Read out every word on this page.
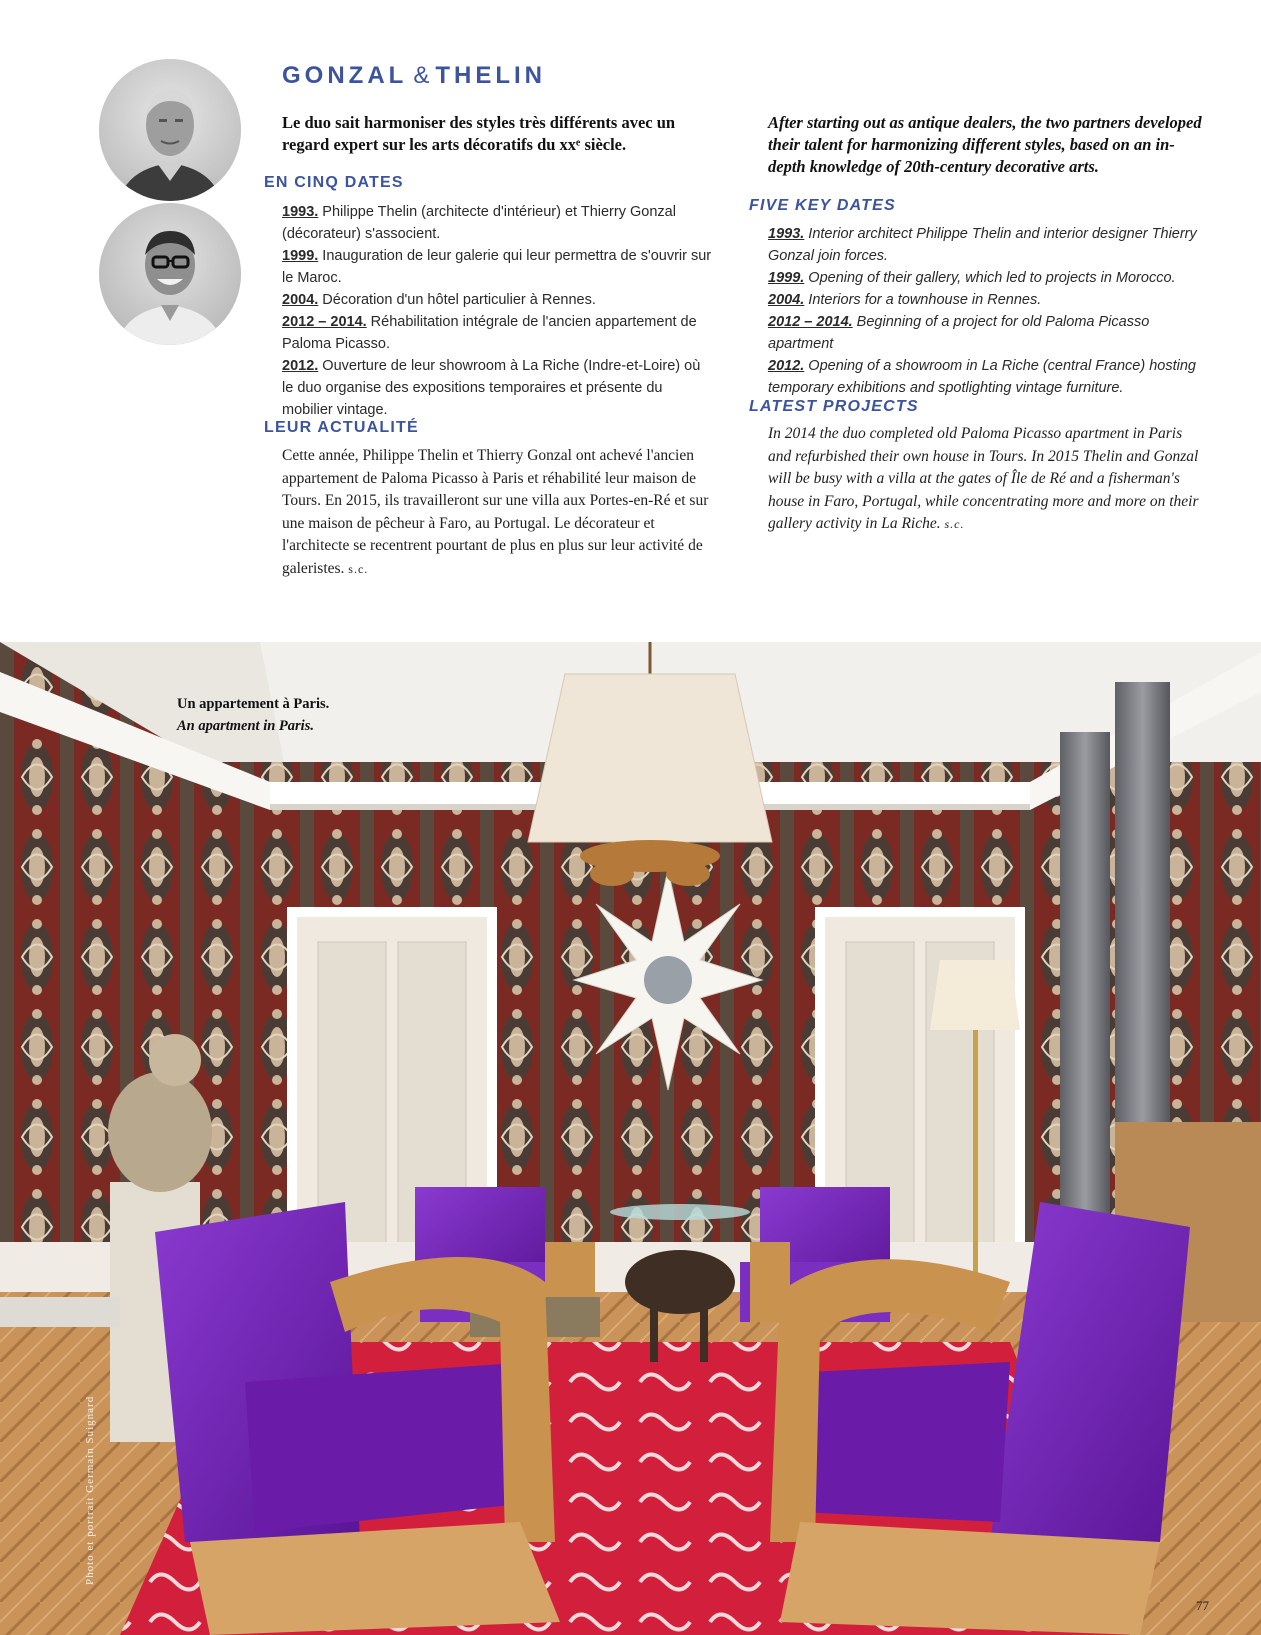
GONZAL & THELIN
Le duo sait harmoniser des styles très différents avec un regard expert sur les arts décoratifs du xxᵉ siècle.
After starting out as antique dealers, the two partners developed their talent for harmonizing different styles, based on an in-depth knowledge of 20th-century decorative arts.
EN CINQ DATES
FIVE KEY DATES
LEUR ACTUALITÉ
LATEST PROJECTS

1993. Philippe Thelin (architecte d'intérieur) et Thierry Gonzal (décorateur) s'associent.

1999. Inauguration de leur galerie qui leur permettra de s'ouvrir sur le Maroc.

2004. Décoration d'un hôtel particulier à Rennes.

2012 – 2014. Réhabilitation intégrale de l'ancien appartement de Paloma Picasso.

2012. Ouverture de leur showroom à La Riche (Indre-et-Loire) où le duo organise des expositions temporaires et présente du mobilier vintage.

1993. Interior architect Philippe Thelin and interior designer Thierry Gonzal join forces.

1999. Opening of their gallery, which led to projects in Morocco.

2004. Interiors for a townhouse in Rennes.

2012 – 2014. Beginning of a project for old Paloma Picasso apartment

2012. Opening of a showroom in La Riche (central France) hosting temporary exhibitions and spotlighting vintage furniture.

Cette année, Philippe Thelin et Thierry Gonzal ont achevé l'ancien appartement de Paloma Picasso à Paris et réhabilité leur maison de Tours. En 2015, ils travailleront sur une villa aux Portes-en-Ré et sur une maison de pêcheur à Faro, au Portugal. Le décorateur et l'architecte se recentrent pourtant de plus en plus sur leur activité de galeristes. s.c.

In 2014 the duo completed old Paloma Picasso apartment in Paris and refurbished their own house in Tours. In 2015 Thelin and Gonzal will be busy with a villa at the gates of Île de Ré and a fisherman's house in Faro, Portugal, while concentrating more and more on their gallery activity in La Riche. s.c.

Un appartement à Paris.
An apartment in Paris.
Photo et portrait Germain Suignard
77
